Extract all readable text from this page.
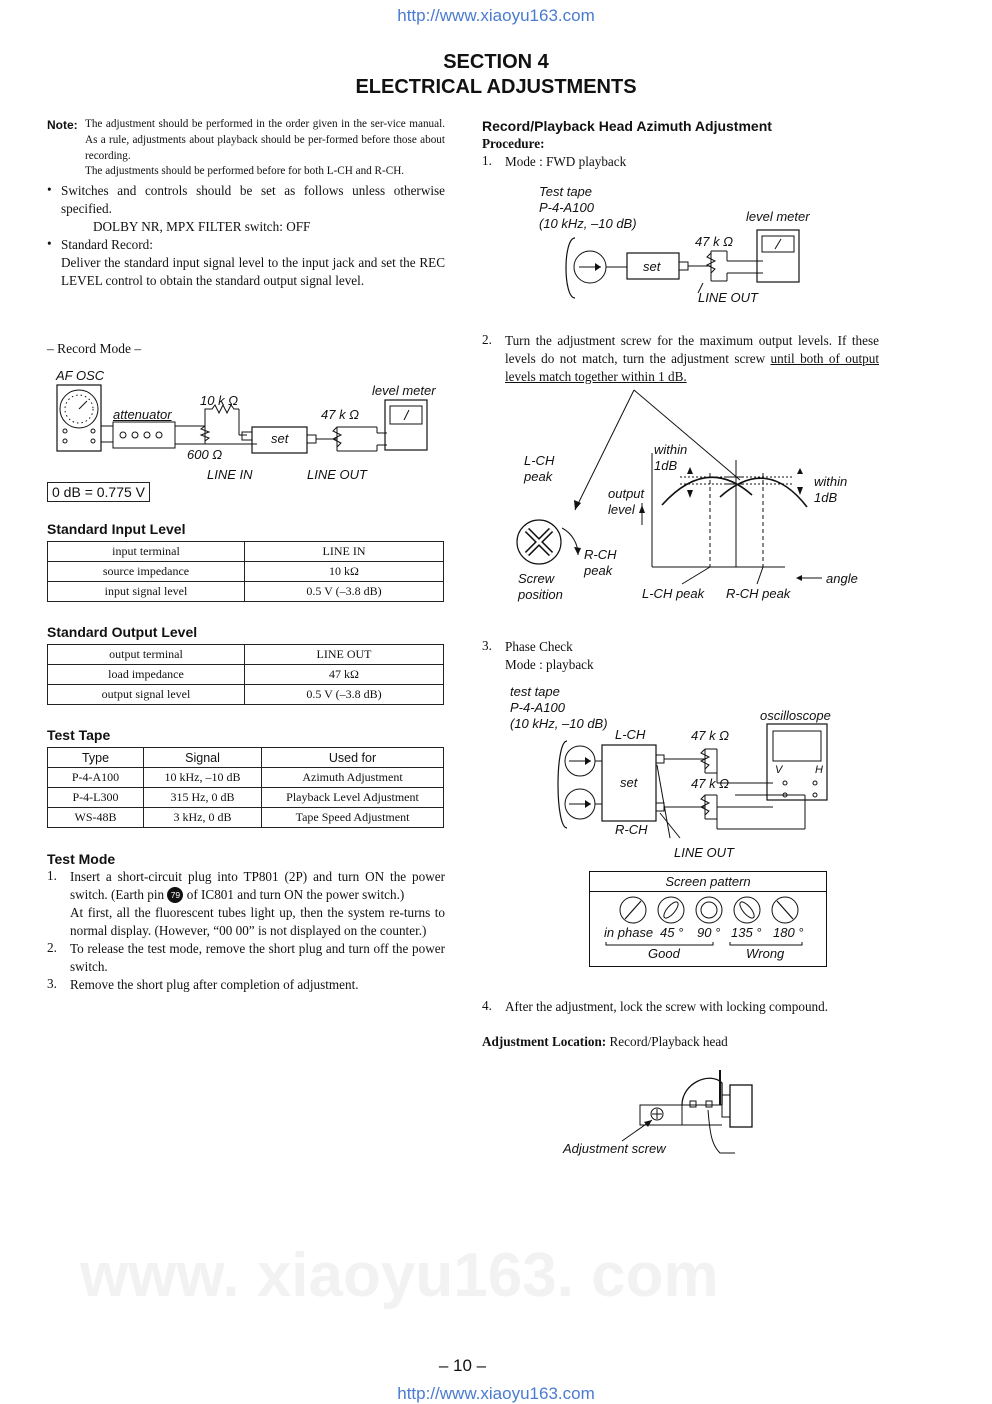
www. xiaoyu163. com
http://www.xiaoyu163.com
SECTION 4
ELECTRICAL ADJUSTMENTS
Note: The adjustment should be performed in the order given in the ser-vice manual. As a rule, adjustments about playback should be per-formed before those about recording.

The adjustments should be performed before for both L-CH and R-CH.

• Switches and controls should be set as follows unless otherwise specified.

DOLBY NR, MPX FILTER switch: OFF

• Standard Record:

Deliver the standard input signal level to the input jack and set the REC LEVEL control to obtain the standard output signal level.

– Record Mode –
AF OSC
attenuator
10 k Ω
600 Ω
set
47 k Ω
level meter
LINE IN	LINE OUT
0 dB = 0.775 V

Standard Input Level

input terminal	LINE IN
source impedance	10 kΩ
input signal level	0.5 V (–3.8 dB)

Standard Output Level

output terminal	LINE OUT
load impedance	47 kΩ
output signal level	0.5 V (–3.8 dB)

Test Tape

Type	Signal	Used for
P-4-A100	10 kHz, –10 dB	Azimuth Adjustment
P-4-L300	315 Hz, 0 dB	Playback Level Adjustment
WS-48B	3 kHz, 0 dB	Tape Speed Adjustment

Test Mode

1. Insert a short-circuit plug into TP801 (2P) and turn ON the power switch. (Earth pin 79 of IC801 and turn ON the power switch.)

At first, all the fluorescent tubes light up, then the system re-turns to normal display. (However, “00 00” is not displayed on the counter.)

2. To release the test mode, remove the short plug and turn off the power switch.

3. Remove the short plug after completion of adjustment.

Record/Playback Head Azimuth Adjustment

Procedure:

1. Mode : FWD playback

Test tape
P-4-A100
(10 kHz, –10 dB)	level meter
47 k Ω
set
LINE OUT
2. Turn the adjustment screw for the maximum output levels. If these levels do not match, turn the adjustment screw until both of output levels match together within 1 dB.

L-CH peak
within 1dB
within 1dB
output level
R-CH peak
Screw position
angle
L-CH peak R-CH peak
3. Phase Check

Mode : playback

test tape
P-4-A100
(10 kHz, –10 dB)
L-CH
R-CH
set
47 k Ω
47 k Ω
oscilloscope
V	H
LINE OUT
Screen pattern
in phase 45 ° 90 ° 135 ° 180 °
Good	Wrong
4. After the adjustment, lock the screw with locking compound.

Adjustment Location: Record/Playback head
Adjustment screw
– 10 –
http://www.xiaoyu163.com
